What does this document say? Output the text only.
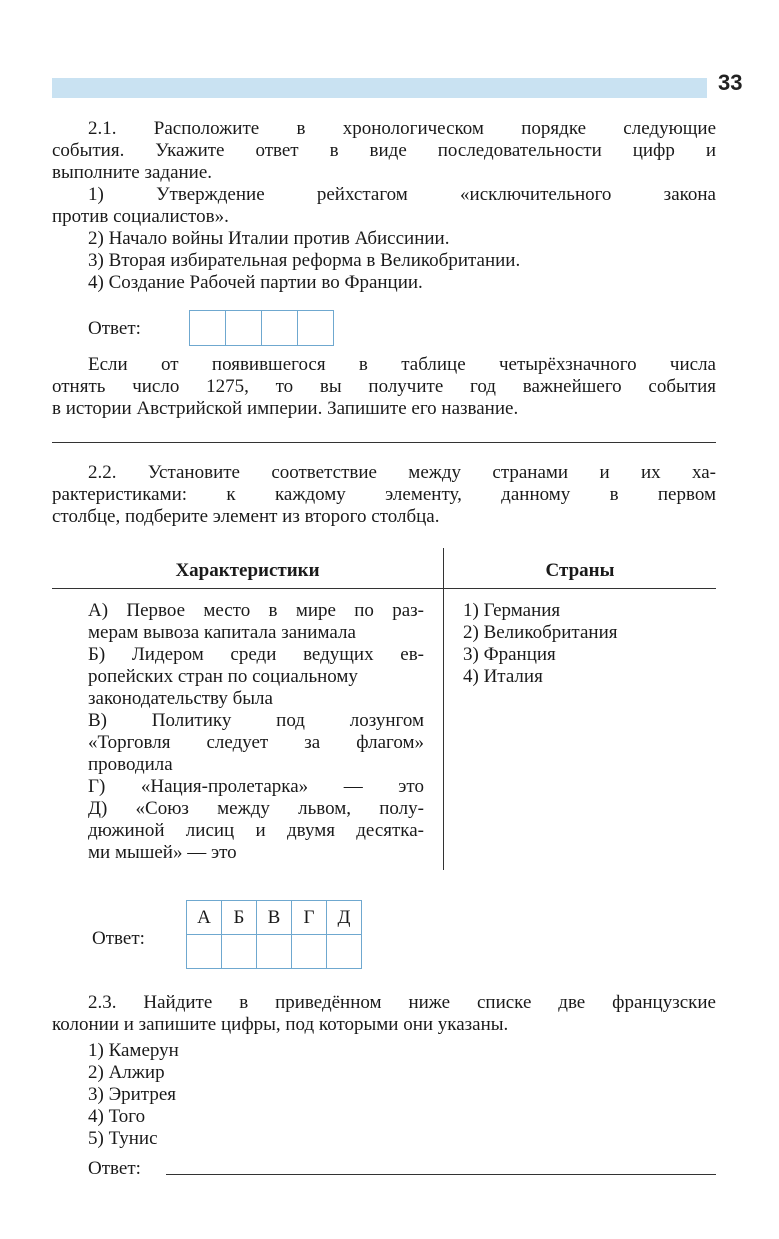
33
2.1. Расположите в хронологическом порядке следующие
события. Укажите ответ в виде последовательности цифр и
выполните задание.
1) Утверждение рейхстагом «исключительного закона
против социалистов».
2) Начало войны Италии против Абиссинии.
3) Вторая избирательная реформа в Великобритании.
4) Создание Рабочей партии во Франции.
Ответ:
Если от появившегося в таблице четырёхзначного числа
отнять число 1275, то вы получите год важнейшего события
в истории Австрийской империи. Запишите его название.
2.2. Установите соответствие между странами и их ха-
рактеристиками: к каждому элементу, данному в первом
столбце, подберите элемент из второго столбца.
Характеристики	Страны
А) Первое место в мире по раз-
мерам вывоза капитала занимала
Б) Лидером среди ведущих ев-
ропейских стран по социальному
законодательству была
В) Политику под лозунгом
«Торговля следует за флагом»
проводила
Г) «Нация-пролетарка» — это
Д) «Союз между львом, полу-
дюжиной лисиц и двумя десятка-
ми мышей» — это
1) Германия
2) Великобритания
3) Франция
4) Италия
Ответ:
А	Б	В	Г	Д

2.3. Найдите в приведённом ниже списке две французские
колонии и запишите цифры, под которыми они указаны.
1) Камерун
2) Алжир
3) Эритрея
4) Того
5) Тунис
Ответ:
